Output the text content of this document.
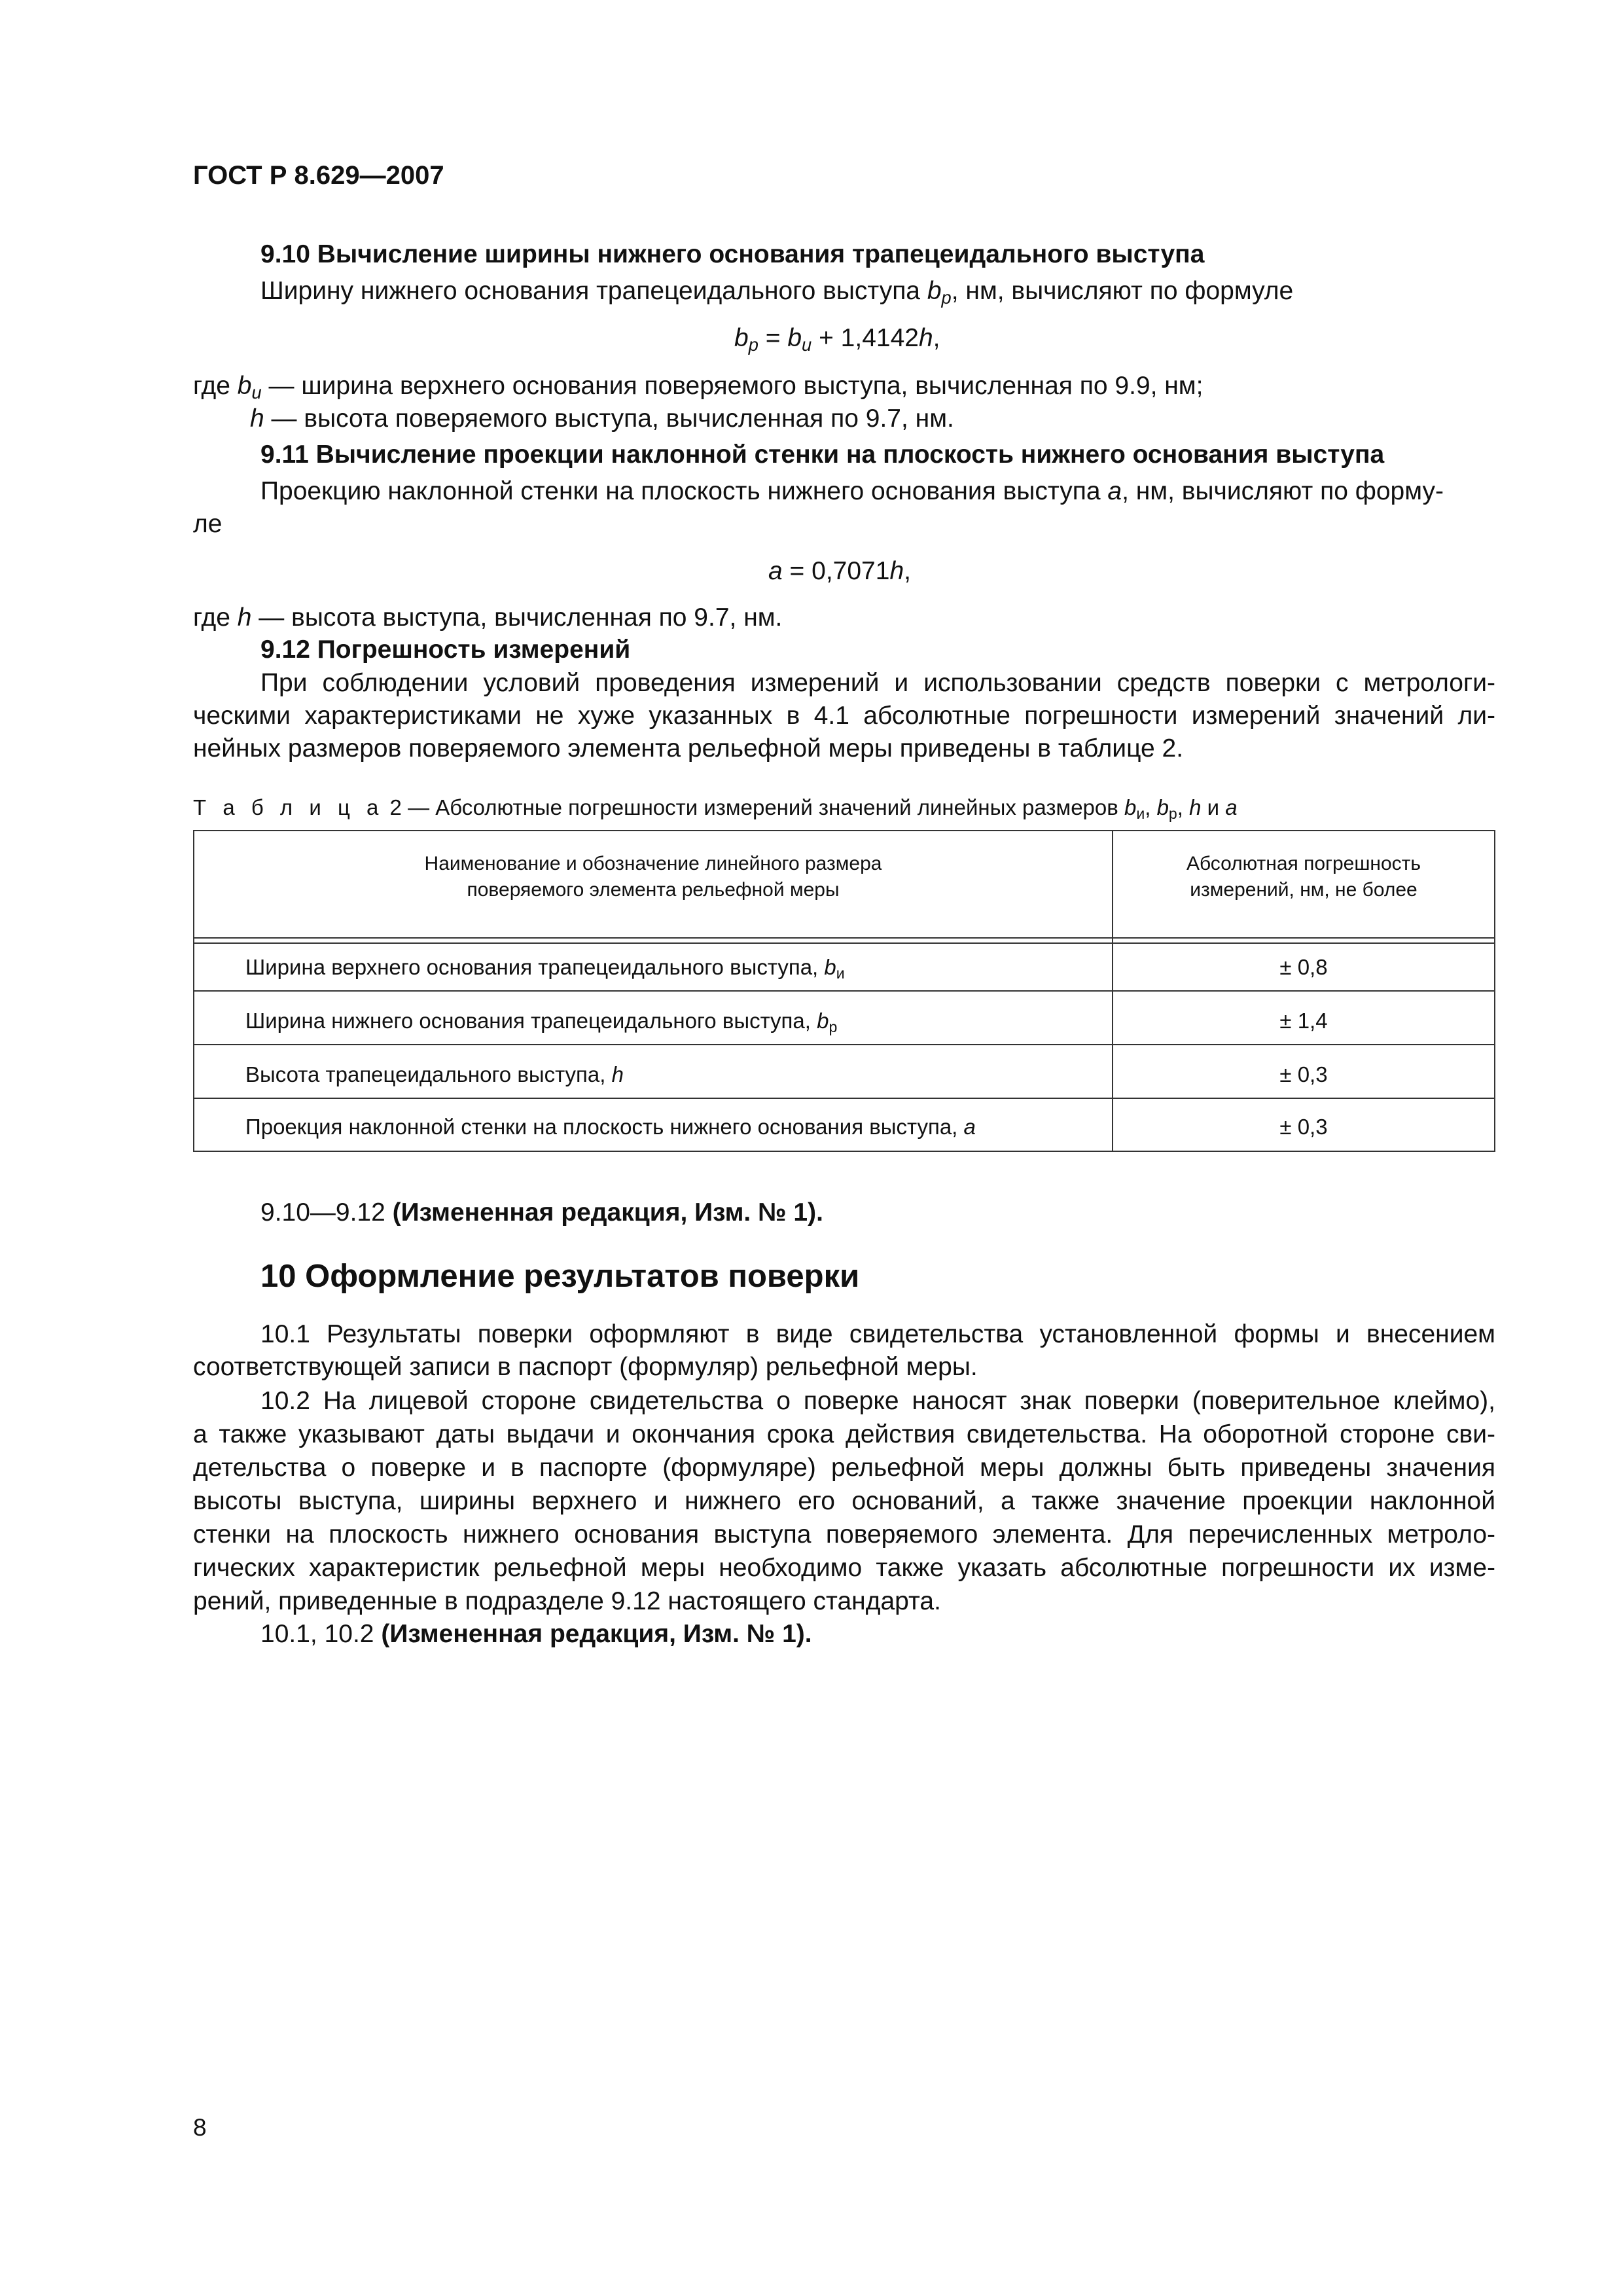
ГОСТ Р 8.629—2007
9.10 Вычисление ширины нижнего основания трапецеидального выступа
Ширину нижнего основания трапецеидального выступа $b_р$, нм, вычисляют по формуле
$b_р = b_и + 1,4142h$,
где $b_и$ — ширина верхнего основания поверяемого выступа, вычисленная по 9.9, нм;
h — высота поверяемого выступа, вычисленная по 9.7, нм.
9.11 Вычисление проекции наклонной стенки на плоскость нижнего основания выступа
Проекцию наклонной стенки на плоскость нижнего основания выступа a, нм, вычисляют по форму-
ле
a = 0,7071h,
где h — высота выступа, вычисленная по 9.7, нм.
9.12 Погрешность измерений
При соблюдении условий проведения измерений и использовании средств поверки с метрологи-
ческими характеристиками не хуже указанных в 4.1 абсолютные погрешности измерений значений ли-
нейных размеров поверяемого элемента рельефной меры приведены в таблице 2.
Т а б л и ц а 2 — Абсолютные погрешности измерений значений линейных размеров $b_и$, $b_р$, h и a
Наименование и обозначение линейного размера
поверяемого элемента рельефной меры
Абсолютная погрешность
измерений, нм, не более
Ширина верхнего основания трапецеидального выступа, $b_и$	± 0,8
Ширина нижнего основания трапецеидального выступа, $b_р$	± 1,4
Высота трапецеидального выступа, h	± 0,3
Проекция наклонной стенки на плоскость нижнего основания выступа, a	± 0,3
9.10—9.12 (Измененная редакция, Изм. № 1).
10 Оформление результатов поверки
10.1 Результаты поверки оформляют в виде свидетельства установленной формы и внесением
соответствующей записи в паспорт (формуляр) рельефной меры.
10.2 На лицевой стороне свидетельства о поверке наносят знак поверки (поверительное клеймо),
а также указывают даты выдачи и окончания срока действия свидетельства. На оборотной стороне сви-
детельства о поверке и в паспорте (формуляре) рельефной меры должны быть приведены значения
высоты выступа, ширины верхнего и нижнего его оснований, а также значение проекции наклонной
стенки на плоскость нижнего основания выступа поверяемого элемента. Для перечисленных метроло-
гических характеристик рельефной меры необходимо также указать абсолютные погрешности их изме-
рений, приведенные в подразделе 9.12 настоящего стандарта.
10.1, 10.2 (Измененная редакция, Изм. № 1).
8
